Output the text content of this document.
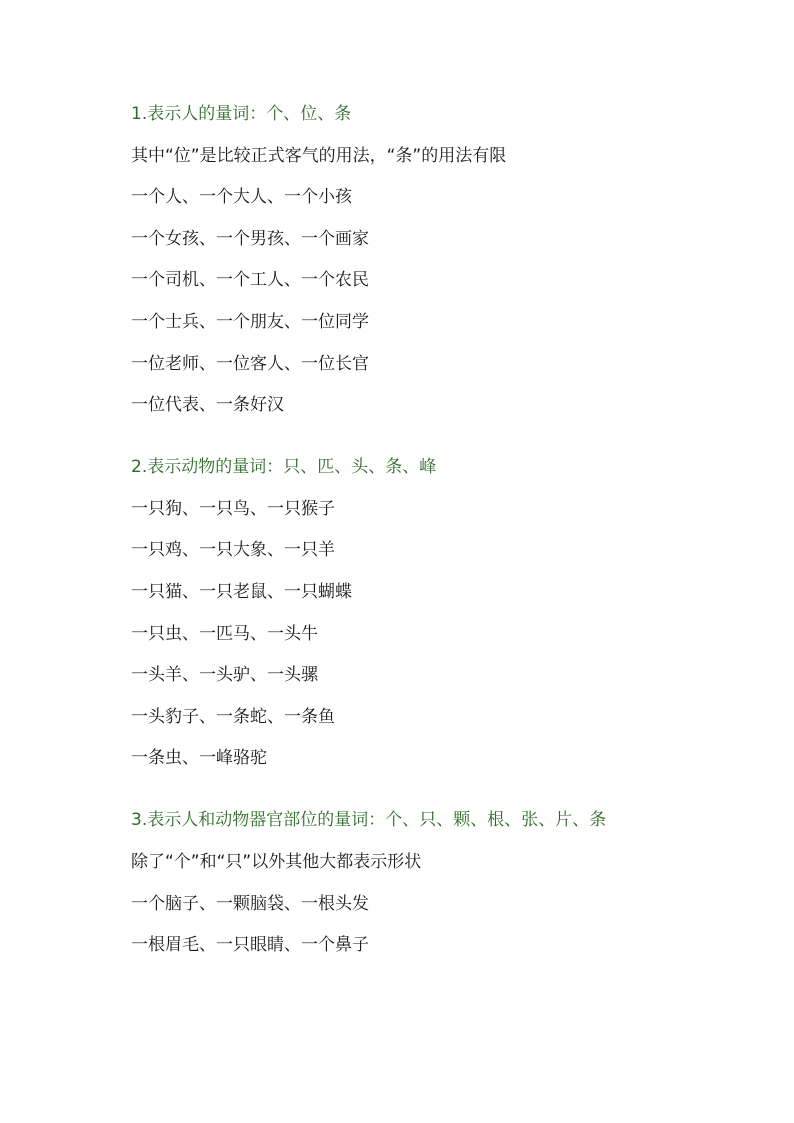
1.表示人的量词：个、位、条
其中“位”是比较正式客气的用法，“条”的用法有限
一个人、一个大人、一个小孩
一个女孩、一个男孩、一个画家
一个司机、一个工人、一个农民
一个士兵、一个朋友、一位同学
一位老师、一位客人、一位长官
一位代表、一条好汉
2.表示动物的量词：只、匹、头、条、峰
一只狗、一只鸟、一只猴子
一只鸡、一只大象、一只羊
一只猫、一只老鼠、一只蝴蝶
一只虫、一匹马、一头牛
一头羊、一头驴、一头骡
一头豹子、一条蛇、一条鱼
一条虫、一峰骆驼
3.表示人和动物器官部位的量词：个、只、颗、根、张、片、条
除了“个”和“只”以外其他大都表示形状
一个脑子、一颗脑袋、一根头发
一根眉毛、一只眼睛、一个鼻子
